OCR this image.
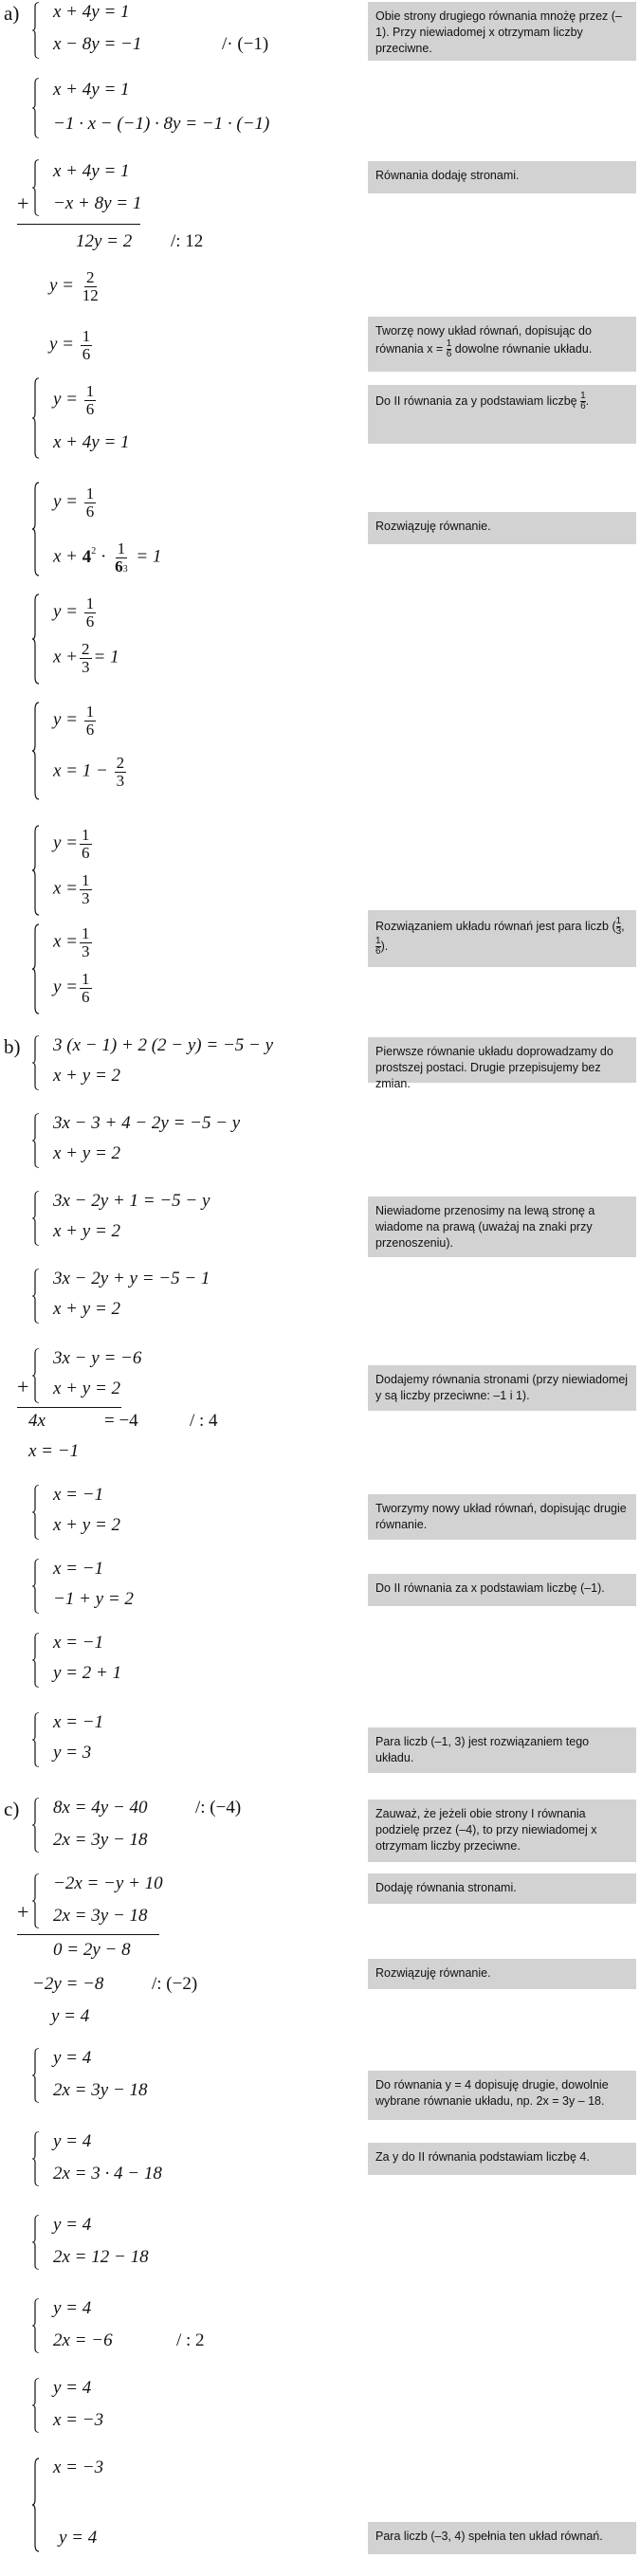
a) x + 4y = 1
x − 8y = −1	/· (−1)
x + 4y = 1
−1 · x − (−1) · 8y = −1 · (−1)
x + 4y = 1
−x + 8y = 1
+
12y = 2 /: 12
$y = \frac{2}{12}$
$y = \frac{1}{6}$
$y = \frac{1}{6}$
x + 4y = 1
$y = \frac{1}{6}$
$x + 4^2 \cdot \frac{1}{63} = 1$
$y = \frac{1}{6}$
$x + \frac{2}{3} = 1$
$y = \frac{1}{6}$
$x = 1 - \frac{2}{3}$
$y = \frac{1}{6}$
$x = \frac{1}{3}$
$x = \frac{1}{3}$
$y = \frac{1}{6}$
Obie strony drugiego równania mnożę przez (–1). Przy niewiadomej x otrzymam liczby przeciwne.
Równania dodaję stronami.
Tworzę nowy układ równań, dopisując do równania $x = \frac{1}{6}$ dowolne równanie układu.
Do II równania za y podstawiam liczbę $\frac{1}{6}$ .
Rozwiązuję równanie.
Rozwiązaniem układu równań jest para liczb ( $\frac{1}{3}$ ,
$\frac{1}{6}$ ).
b) 3 (x − 1) + 2 (2 − y) = −5 − y
x + y = 2
3x − 3 + 4 − 2y = −5 − y
x + y = 2
3x − 2y + 1 = −5 − y
x + y = 2
3x − 2y + y = −5 − 1
x + y = 2
3x − y = −6
x + y = 2
+
4x	= −4	/ : 4
x = −1
x = −1
x + y = 2
x = −1
−1 + y = 2
x = −1
y = 2 + 1
x = −1
y = 3
Pierwsze równanie układu doprowadzamy do prostszej postaci. Drugie przepisujemy bez zmian.
Niewiadome przenosimy na lewą stronę a wiadome na prawą (uważaj na znaki przy przenoszeniu).
Dodajemy równania stronami (przy niewiadomej y są liczby przeciwne: –1 i 1).
Tworzymy nowy układ równań, dopisując drugie równanie.
Do II równania za x podstawiam liczbę (–1).
Para liczb (–1, 3) jest rozwiązaniem tego układu.
c) 8x = 4y − 40	/: (−4)
2x = 3y − 18
−2x = −y + 10
2x = 3y − 18
+
0 = 2y − 8
−2y = −8	/: (−2)
y = 4
y = 4
2x = 3y − 18
y = 4
2x = 3 · 4 − 18
y = 4
2x = 12 − 18
y = 4
2x = −6	/ : 2
y = 4
x = −3
x = −3
y = 4
Zauważ, że jeżeli obie strony I równania podzielę przez (–4), to przy niewiadomej x otrzymam liczby przeciwne.
Dodaję równania stronami.
Rozwiązuję równanie.
Do równania y = 4 dopisuję drugie, dowolnie wybrane równanie układu, np. 2x = 3y – 18.
Za y do II równania podstawiam liczbę 4.
Para liczb (–3, 4) spełnia ten układ równań.
